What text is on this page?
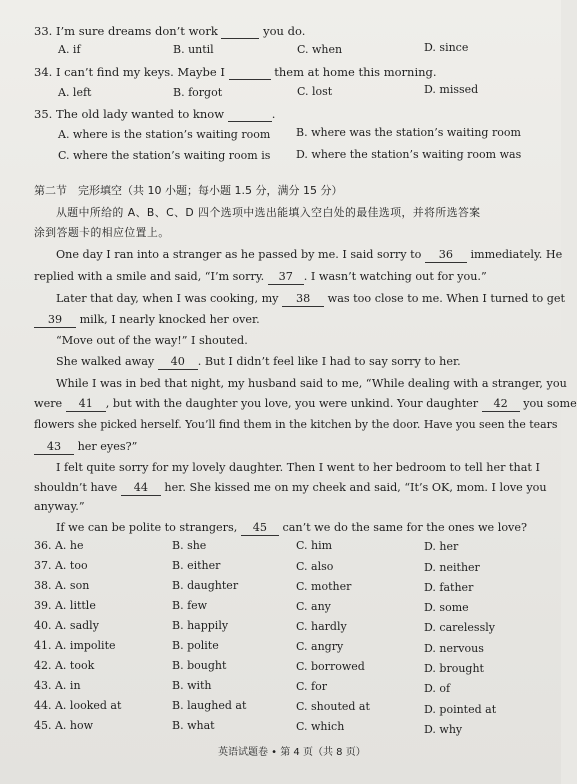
33. I’m sure dreams don’t work	you do.
A. if	B. until	C. when	D. since
34. I can’t find my keys. Maybe I	them at home this morning.
A. left	B. forgot	C. lost	D. missed
35. The old lady wanted to know	.
A. where is the station’s waiting room B. where was the station’s waiting room
C. where the station’s waiting room is D. where the station’s waiting room was
第二节　完形填空（共 10 小题；每小题 1.5 分，满分 15 分）
从题中所给的 A、B、C、D 四个选项中选出能填入空白处的最佳选项，并将所选答案
涂到答题卡的相应位置上。
One day I ran into a stranger as he passed by me. I said sorry to 36 immediately. He
replied with a smile and said, “I’m sorry. 37 . I wasn’t watching out for you.”
Later that day, when I was cooking, my 38 was too close to me. When I turned to get
39 milk, I nearly knocked her over.
“Move out of the way!” I shouted.
She walked away 40 . But I didn’t feel like I had to say sorry to her.
While I was in bed that night, my husband said to me, “While dealing with a stranger, you
were 41 , but with the daughter you love, you were unkind. Your daughter 42 you some
flowers she picked herself. You’ll find them in the kitchen by the door. Have you seen the tears
43 her eyes?”
I felt quite sorry for my lovely daughter. Then I went to her bedroom to tell her that I
shouldn’t have 44 her. She kissed me on my cheek and said, “It’s OK, mom. I love you
anyway.”
If we can be polite to strangers, 45 can’t we do the same for the ones we love?
36. A. he	B. she	C. him	D. her
37. A. too	B. either	C. also	D. neither
38. A. son	B. daughter	C. mother	D. father
39. A. little	B. few	C. any	D. some
40. A. sadly	B. happily	C. hardly	D. carelessly
41. A. impolite	B. polite	C. angry	D. nervous
42. A. took	B. bought	C. borrowed	D. brought
43. A. in	B. with	C. for	D. of
44. A. looked at	B. laughed at	C. shouted at	D. pointed at
45. A. how	B. what	C. which	D. why
英语试题卷 • 第 4 页（共 8 页）
